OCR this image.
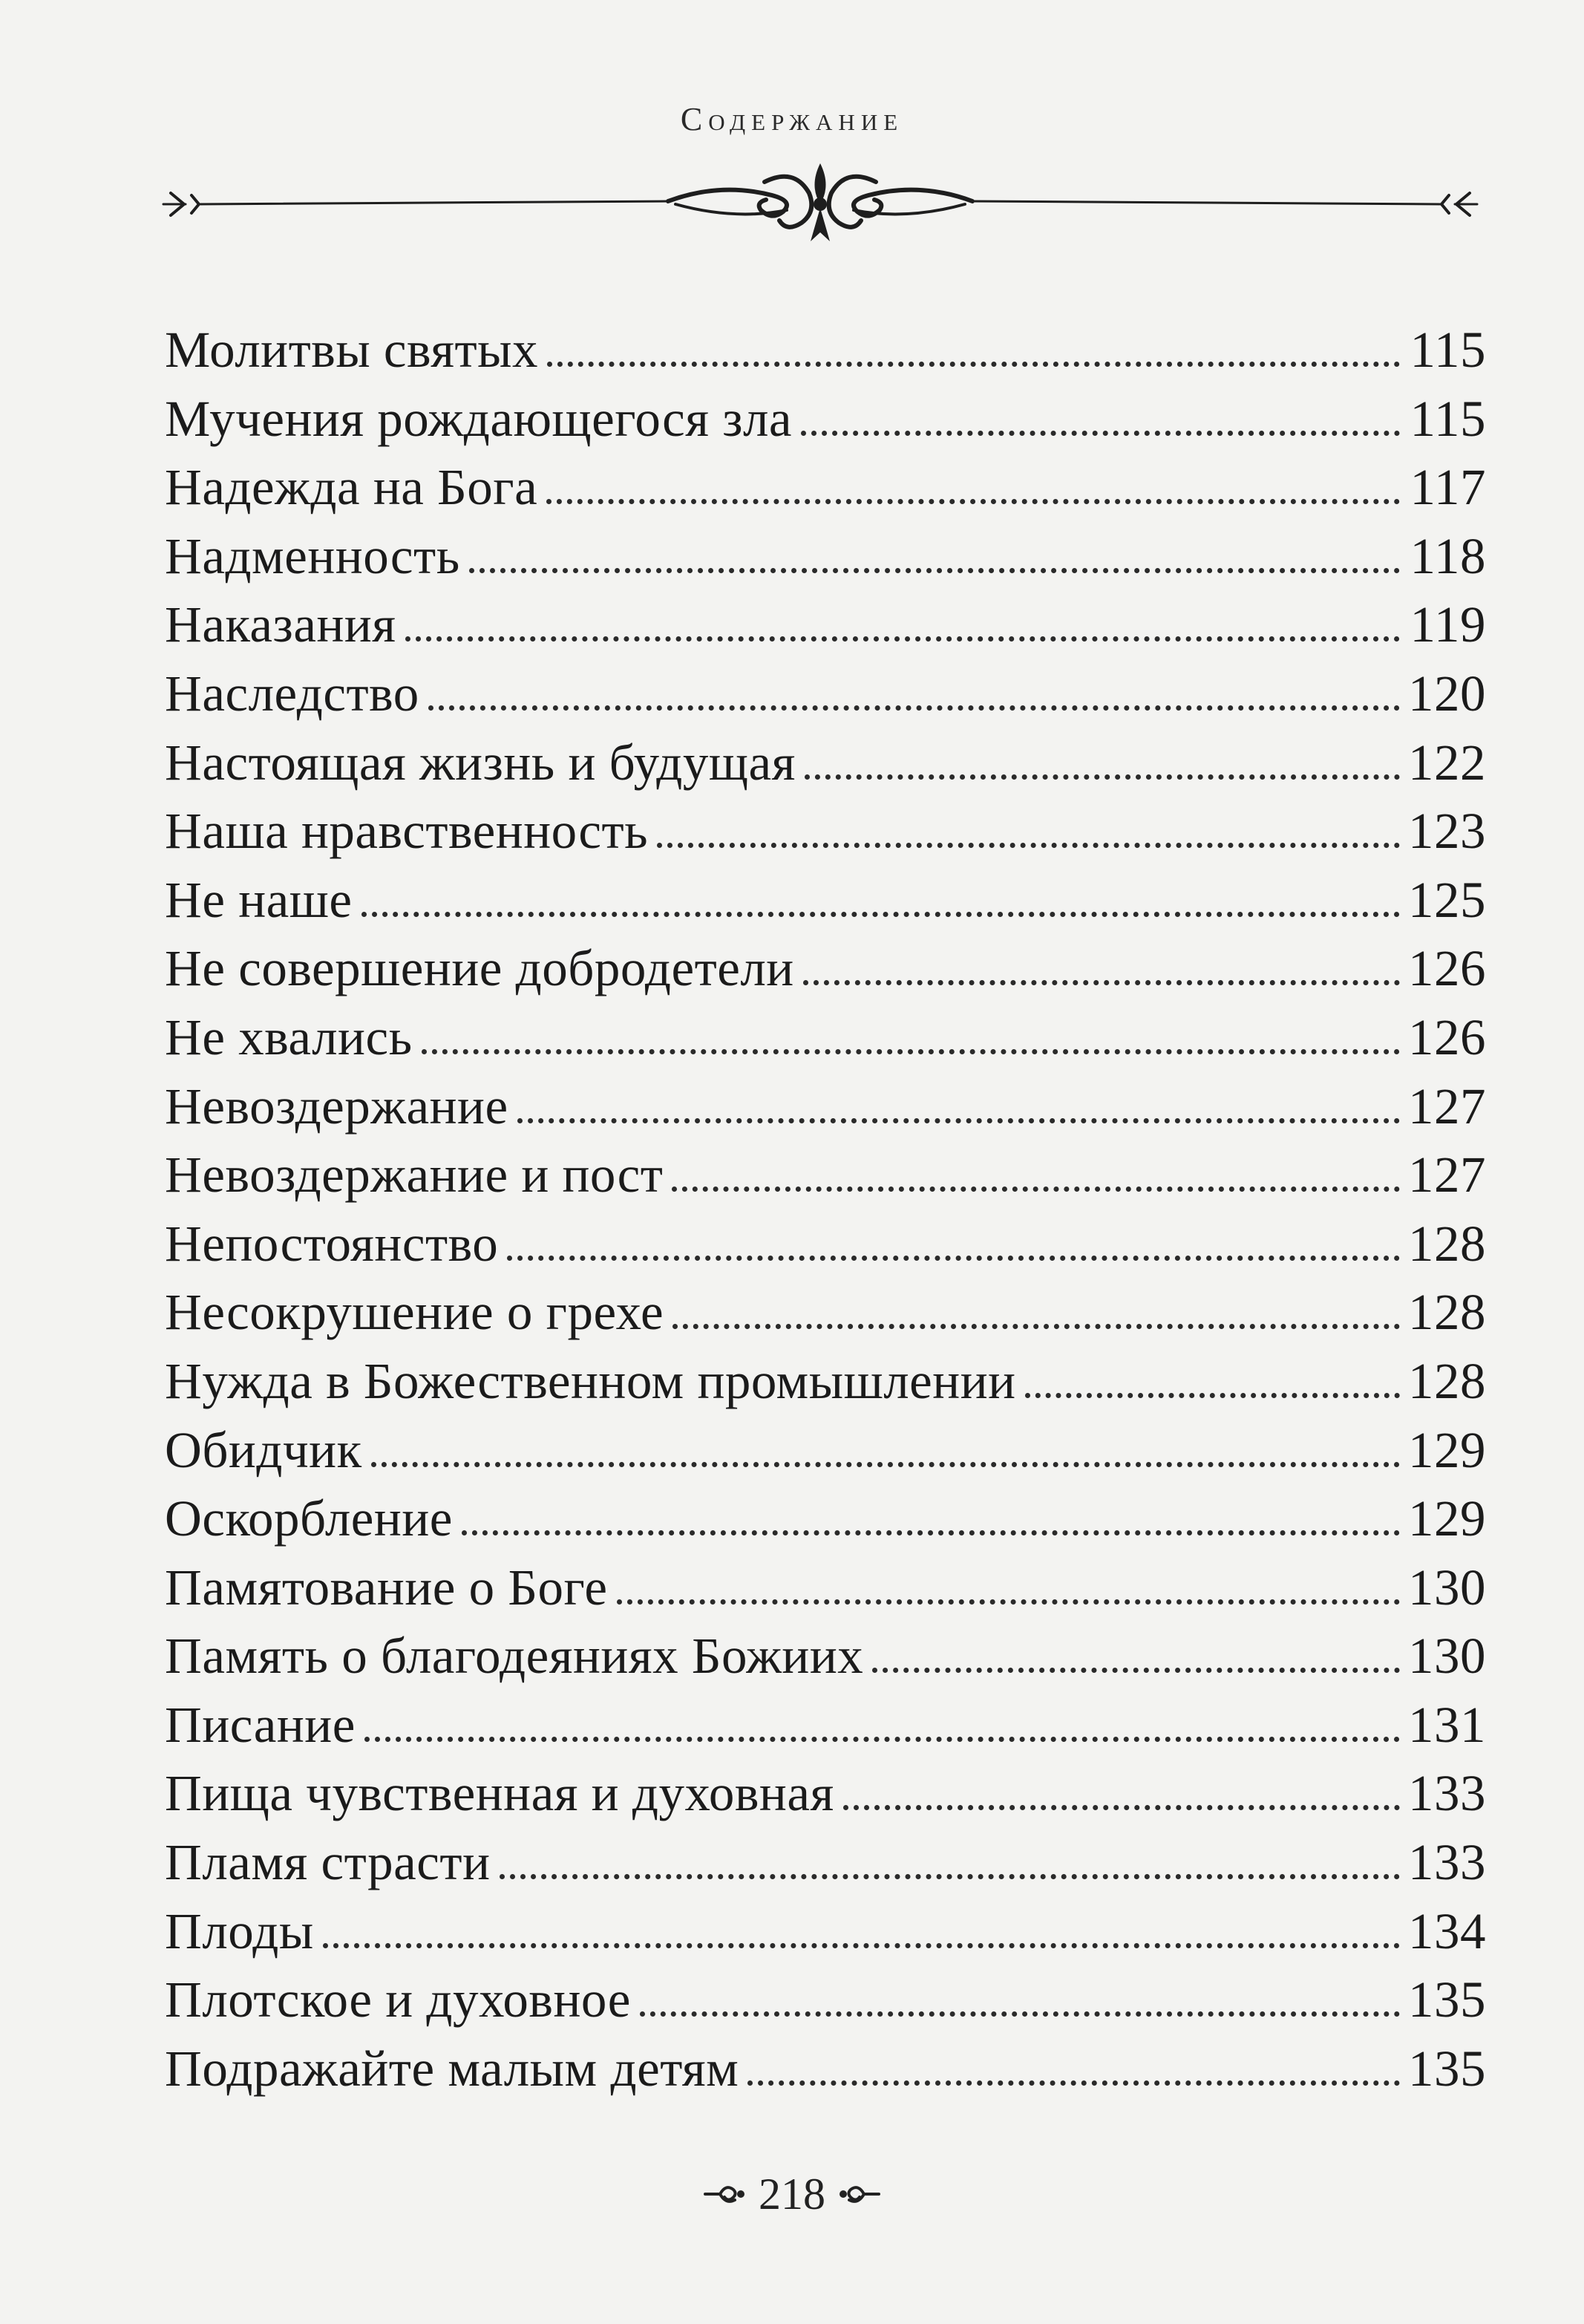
Содержание
Молитвы святых	115
Мучения рождающегося зла	115
Надежда на Бога	117
Надменность	118
Наказания	119
Наследство	120
Настоящая жизнь и будущая	122
Наша нравственность	123
Не наше	125
Не совершение добродетели	126
Не хвались	126
Невоздержание	127
Невоздержание и пост	127
Непостоянство	128
Несокрушение о грехе	128
Нужда в Божественном промышлении	128
Обидчик	129
Оскорбление	129
Памятование о Боге	130
Память о благодеяниях Божиих	130
Писание	131
Пища чувственная и духовная	133
Пламя страсти	133
Плоды	134
Плотское и духовное	135
Подражайте малым детям	135
218
